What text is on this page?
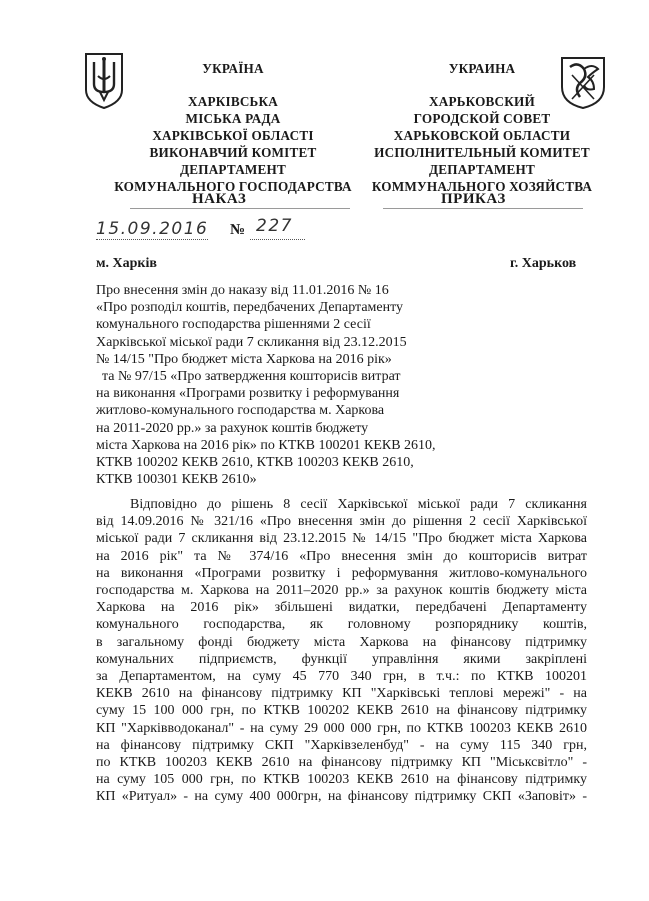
УКРАЇНА
ХАРКІВСЬКА
МІСЬКА РАДА
ХАРКІВСЬКОЇ ОБЛАСТІ
ВИКОНАВЧИЙ КОМІТЕТ
ДЕПАРТАМЕНТ
КОМУНАЛЬНОГО ГОСПОДАРСТВА
УКРАИНА
ХАРЬКОВСКИЙ
ГОРОДСКОЙ СОВЕТ
ХАРЬКОВСКОЙ ОБЛАСТИ
ИСПОЛНИТЕЛЬНЫЙ КОМИТЕТ
ДЕПАРТАМЕНТ
КОММУНАЛЬНОГО ХОЗЯЙСТВА
НАКАЗ	ПРИКАЗ
15.09.2016 № 227
м. Харків	г. Харьков
Про внесення змін до наказу від 11.01.2016 № 16
«Про розподіл коштів, передбачених Департаменту
комунального господарства рішеннями 2 сесії
Харківської міської ради 7 скликання від 23.12.2015
№ 14/15 "Про бюджет міста Харкова на 2016 рік»
та № 97/15 «Про затвердження кошторисів витрат
на виконання «Програми розвитку і реформування
житлово-комунального господарства м. Харкова
на 2011-2020 рр.» за рахунок коштів бюджету
міста Харкова на 2016 рік» по КТКВ 100201 КЕКВ 2610,
КТКВ 100202 КЕКВ 2610, КТКВ 100203 КЕКВ 2610,
КТКВ 100301 КЕКВ 2610»
Відповідно до рішень 8 сесії Харківської міської ради 7 скликання
від 14.09.2016 № 321/16 «Про внесення змін до рішення 2 сесії Харківської
міської ради 7 скликання від 23.12.2015 № 14/15 "Про бюджет міста Харкова
на 2016 рік" та № 374/16 «Про внесення змін до кошторисів витрат
на виконання «Програми розвитку і реформування житлово-комунального
господарства м. Харкова на 2011–2020 рр.» за рахунок коштів бюджету міста
Харкова на 2016 рік» збільшені видатки, передбачені Департаменту
комунального господарства, як головному розпоряднику коштів,
в загальному фонді бюджету міста Харкова на фінансову підтримку
комунальних підприємств, функції управління якими закріплені
за Департаментом, на суму 45 770 340 грн, в т.ч.: по КТКВ 100201
КЕКВ 2610 на фінансову підтримку КП "Харківські теплові мережі" - на
суму 15 100 000 грн, по КТКВ 100202 КЕКВ 2610 на фінансову підтримку
КП "Харківводоканал" - на суму 29 000 000 грн, по КТКВ 100203 КЕКВ 2610
на фінансову підтримку СКП "Харківзеленбуд" - на суму 115 340 грн,
по КТКВ 100203 КЕКВ 2610 на фінансову підтримку КП "Міськсвітло" -
на суму 105 000 грн, по КТКВ 100203 КЕКВ 2610 на фінансову підтримку
КП «Ритуал» - на суму 400 000грн, на фінансову підтримку СКП «Заповіт» -
